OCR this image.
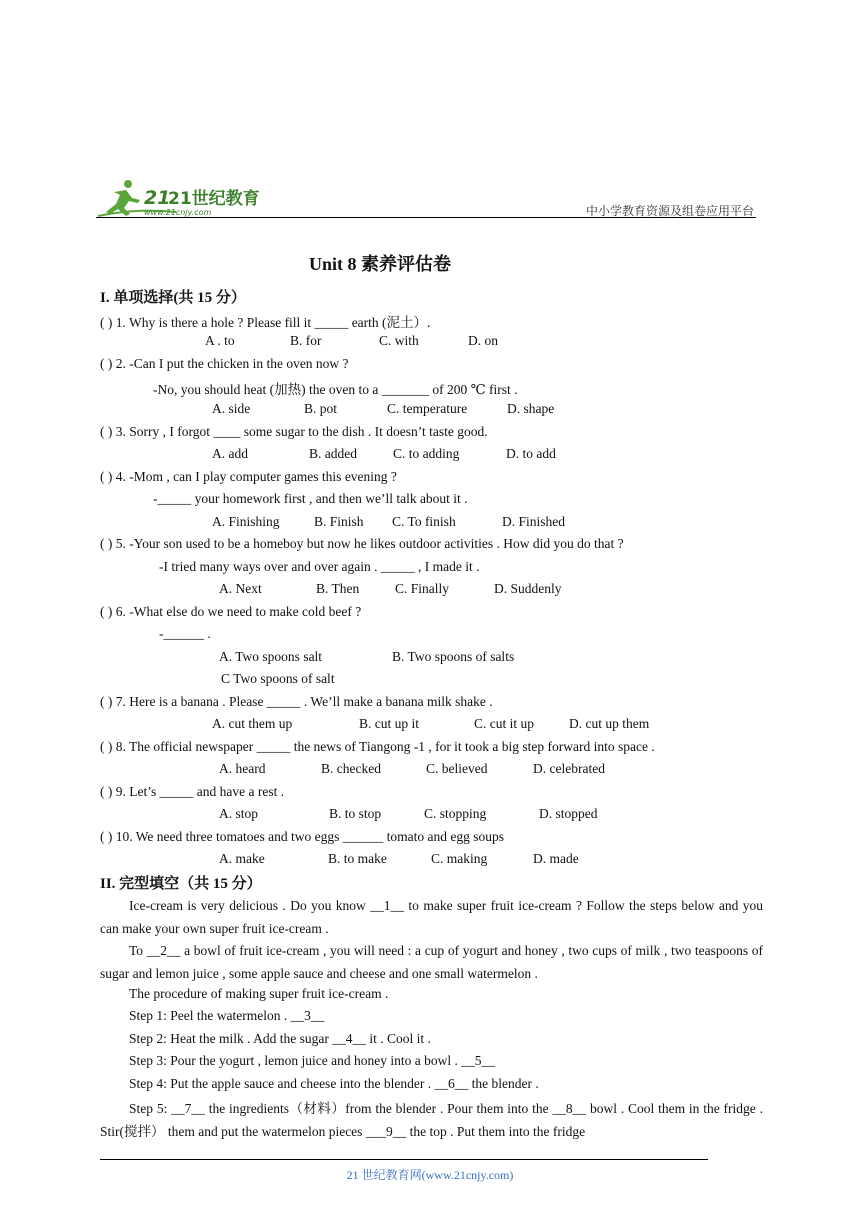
21
21世纪教育
www.21cnjy.com	中小学教育资源及组卷应用平台
Unit 8 素养评估卷
I. 单项选择(共 15 分）
( ) 1. Why is there a hole ? Please fill it _____ earth (泥土）.
A . to	B. for	C. with	D. on
( ) 2. -Can I put the chicken in the oven now ?
-No, you should heat (加热) the oven to a _______ of 200 ℃ first .
A. side	B. pot	C. temperature	D. shape
( ) 3. Sorry , I forgot ____ some sugar to the dish . It doesn’t taste good.
A. add	B. added	C. to adding	D. to add
( ) 4. -Mom , can I play computer games this evening ?
-_____ your homework first , and then we’ll talk about it .
A. Finishing	B. Finish C. To finish	D. Finished
( ) 5. -Your son used to be a homeboy but now he likes outdoor activities . How did you do that ?
-I tried many ways over and over again . _____ , I made it .
A. Next	B. Then	C. Finally	D. Suddenly
( ) 6. -What else do we need to make cold beef ?
-______ .
A. Two spoons salt	B. Two spoons of salts
C Two spoons of salt
( ) 7. Here is a banana . Please _____ . We’ll make a banana milk shake .
A. cut them up	B. cut up it	C. cut it up	D. cut up them
( ) 8. The official newspaper _____ the news of Tiangong -1 , for it took a big step forward into space .
A. heard	B. checked	C. believed	D. celebrated
( ) 9. Let’s _____ and have a rest .
A. stop	B. to stop	C. stopping	D. stopped
( ) 10. We need three tomatoes and two eggs ______ tomato and egg soups
A. make	B. to make	C. making	D. made
II. 完型填空（共 15 分）
Ice-cream is very delicious . Do you know __1__ to make super fruit ice-cream ? Follow the steps below and you can make your own super fruit ice-cream .
To __2__ a bowl of fruit ice-cream , you will need : a cup of yogurt and honey , two cups of milk , two teaspoons of sugar and lemon juice , some apple sauce and cheese and one small watermelon .
The procedure of making super fruit ice-cream .
Step 1: Peel the watermelon . __3__
Step 2: Heat the milk . Add the sugar __4__ it . Cool it .
Step 3: Pour the yogurt , lemon juice and honey into a bowl . __5__
Step 4: Put the apple sauce and cheese into the blender . __6__ the blender .
Step 5: __7__ the ingredients（材料）from the blender . Pour them into the __8__ bowl . Cool them in the fridge . Stir(搅拌） them and put the watermelon pieces ___9__ the top . Put them into the fridge
21 世纪教育网(www.21cnjy.com)
